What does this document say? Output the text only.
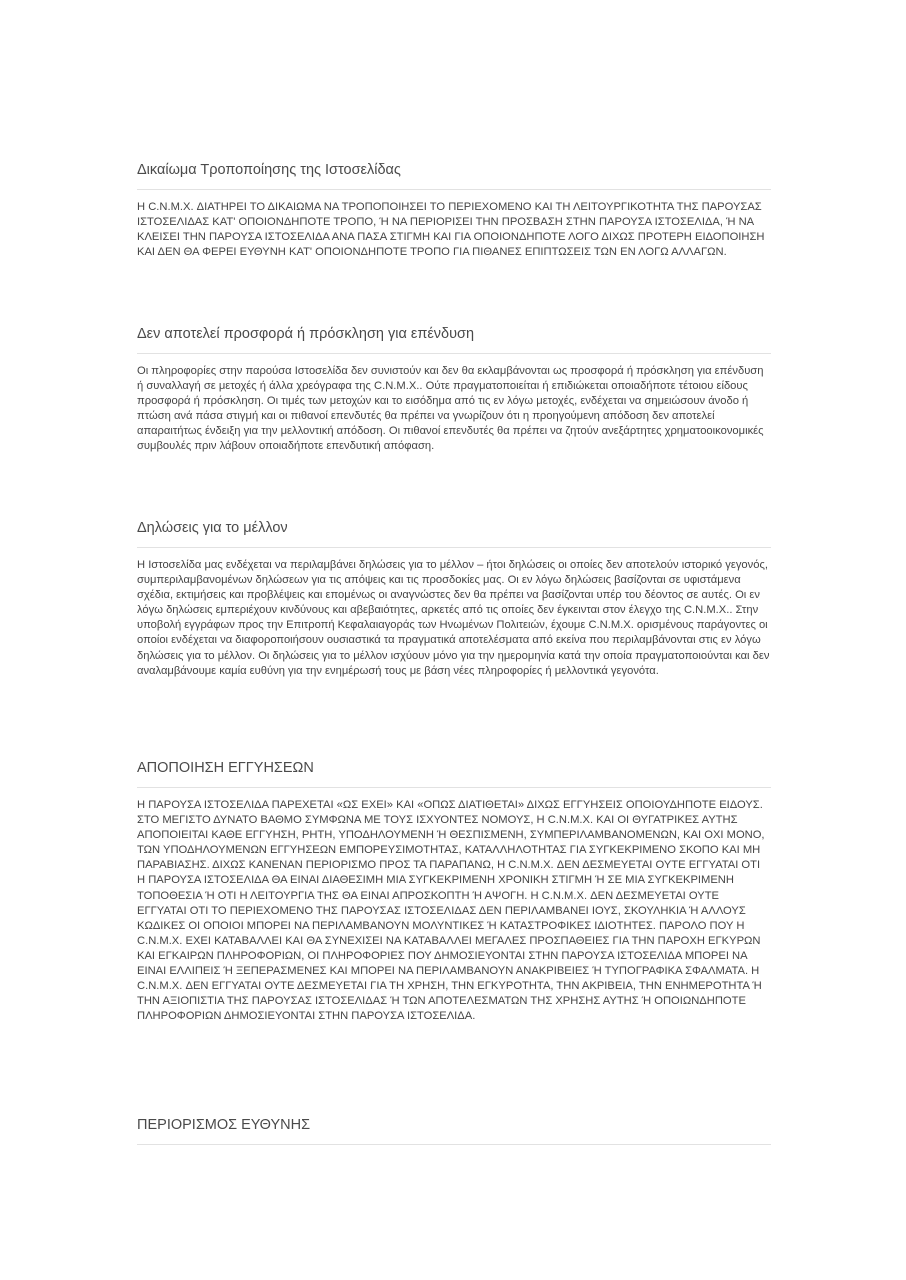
Δικαίωμα Τροποποίησης της Ιστοσελίδας

Η C.N.M.X. ΔΙΑΤΗΡΕΙ ΤΟ ΔΙΚΑΙΩΜΑ ΝΑ ΤΡΟΠΟΠΟΙΗΣΕΙ ΤΟ ΠΕΡΙΕΧΟΜΕΝΟ ΚΑΙ ΤΗ ΛΕΙΤΟΥΡΓΙΚΟΤΗΤΑ ΤΗΣ ΠΑΡΟΥΣΑΣ ΙΣΤΟΣΕΛΙΔΑΣ ΚΑΤ' ΟΠΟΙΟΝΔΗΠΟΤΕ ΤΡΟΠΟ, Ή ΝΑ ΠΕΡΙΟΡΙΣΕΙ ΤΗΝ ΠΡΟΣΒΑΣΗ ΣΤΗΝ ΠΑΡΟΥΣΑ ΙΣΤΟΣΕΛΙΔΑ, Ή ΝΑ ΚΛΕΙΣΕΙ ΤΗΝ ΠΑΡΟΥΣΑ ΙΣΤΟΣΕΛΙΔΑ ΑΝΑ ΠΑΣΑ ΣΤΙΓΜΗ ΚΑΙ ΓΙΑ ΟΠΟΙΟΝΔΗΠΟΤΕ ΛΟΓΟ ΔΙΧΩΣ ΠΡΟΤΕΡΗ ΕΙΔΟΠΟΙΗΣΗ ΚΑΙ ΔΕΝ ΘΑ ΦΕΡΕΙ ΕΥΘΥΝΗ ΚΑΤ' ΟΠΟΙΟΝΔΗΠΟΤΕ ΤΡΟΠΟ ΓΙΑ ΠΙΘΑΝΕΣ ΕΠΙΠΤΩΣΕΙΣ ΤΩΝ ΕΝ ΛΟΓΩ ΑΛΛΑΓΩΝ.

Δεν αποτελεί προσφορά ή πρόσκληση για επένδυση

Οι πληροφορίες στην παρούσα Ιστοσελίδα δεν συνιστούν και δεν θα εκλαμβάνονται ως προσφορά ή πρόσκληση για επένδυση ή συναλλαγή σε μετοχές ή άλλα χρεόγραφα της C.N.M.X.. Ούτε πραγματοποιείται ή επιδιώκεται οποιαδήποτε τέτοιου είδους προσφορά ή πρόσκληση. Οι τιμές των μετοχών και το εισόδημα από τις εν λόγω μετοχές, ενδέχεται να σημειώσουν άνοδο ή πτώση ανά πάσα στιγμή και οι πιθανοί επενδυτές θα πρέπει να γνωρίζουν ότι η προηγούμενη απόδοση δεν αποτελεί απαραιτήτως ένδειξη για την μελλοντική απόδοση. Οι πιθανοί επενδυτές θα πρέπει να ζητούν ανεξάρτητες χρηματοοικονομικές συμβουλές πριν λάβουν οποιαδήποτε επενδυτική απόφαση.

Δηλώσεις για το μέλλον

Η Ιστοσελίδα μας ενδέχεται να περιλαμβάνει δηλώσεις για το μέλλον – ήτοι δηλώσεις οι οποίες δεν αποτελούν ιστορικό γεγονός, συμπεριλαμβανομένων δηλώσεων για τις απόψεις και τις προσδοκίες μας. Οι εν λόγω δηλώσεις βασίζονται σε υφιστάμενα σχέδια, εκτιμήσεις και προβλέψεις και επομένως οι αναγνώστες δεν θα πρέπει να βασίζονται υπέρ του δέοντος σε αυτές. Οι εν λόγω δηλώσεις εμπεριέχουν κινδύνους και αβεβαιότητες, αρκετές από τις οποίες δεν έγκεινται στον έλεγχο της C.N.M.X.. Στην υποβολή εγγράφων προς την Επιτροπή Κεφαλαιαγοράς των Ηνωμένων Πολιτειών, έχουμε C.N.M.X. ορισμένους παράγοντες οι οποίοι ενδέχεται να διαφοροποιήσουν ουσιαστικά τα πραγματικά αποτελέσματα από εκείνα που περιλαμβάνονται στις εν λόγω δηλώσεις για το μέλλον. Οι δηλώσεις για το μέλλον ισχύουν μόνο για την ημερομηνία κατά την οποία πραγματοποιούνται και δεν αναλαμβάνουμε καμία ευθύνη για την ενημέρωσή τους με βάση νέες πληροφορίες ή μελλοντικά γεγονότα.

ΑΠΟΠΟΙΗΣΗ ΕΓΓΥΗΣΕΩΝ

Η ΠΑΡΟΥΣΑ ΙΣΤΟΣΕΛΙΔΑ ΠΑΡΕΧΕΤΑΙ «ΩΣ ΕΧΕΙ» ΚΑΙ «ΟΠΩΣ ΔΙΑΤΙΘΕΤΑΙ» ΔΙΧΩΣ ΕΓΓΥΗΣΕΙΣ ΟΠΟΙΟΥΔΗΠΟΤΕ ΕΙΔΟΥΣ. ΣΤΟ ΜΕΓΙΣΤΟ ΔΥΝΑΤΟ ΒΑΘΜΟ ΣΥΜΦΩΝΑ ΜΕ ΤΟΥΣ ΙΣΧΥΟΝΤΕΣ ΝΟΜΟΥΣ, Η C.N.M.X. ΚΑΙ ΟΙ ΘΥΓΑΤΡΙΚΕΣ ΑΥΤΗΣ ΑΠΟΠΟΙΕΙΤΑΙ ΚΑΘΕ ΕΓΓΥΗΣΗ, ΡΗΤΗ, ΥΠΟΔΗΛΟΥΜΕΝΗ Ή ΘΕΣΠΙΣΜΕΝΗ, ΣΥΜΠΕΡΙΛΑΜΒΑΝΟΜΕΝΩΝ, ΚΑΙ ΟΧΙ ΜΟΝΟ, ΤΩΝ ΥΠΟΔΗΛΟΥΜΕΝΩΝ ΕΓΓΥΗΣΕΩΝ ΕΜΠΟΡΕΥΣΙΜΟΤΗΤΑΣ, ΚΑΤΑΛΛΗΛΟΤΗΤΑΣ ΓΙΑ ΣΥΓΚΕΚΡΙΜΕΝΟ ΣΚΟΠΟ ΚΑΙ ΜΗ ΠΑΡΑΒΙΑΣΗΣ. ΔΙΧΩΣ ΚΑΝΕΝΑΝ ΠΕΡΙΟΡΙΣΜΟ ΠΡΟΣ ΤΑ ΠΑΡΑΠΑΝΩ, Η C.N.M.X. ΔΕΝ ΔΕΣΜΕΥΕΤΑΙ ΟΥΤΕ ΕΓΓΥΑΤΑΙ ΟΤΙ Η ΠΑΡΟΥΣΑ ΙΣΤΟΣΕΛΙΔΑ ΘΑ ΕΙΝΑΙ ΔΙΑΘΕΣΙΜΗ ΜΙΑ ΣΥΓΚΕΚΡΙΜΕΝΗ ΧΡΟΝΙΚΗ ΣΤΙΓΜΗ Ή ΣΕ ΜΙΑ ΣΥΓΚΕΚΡΙΜΕΝΗ ΤΟΠΟΘΕΣΙΑ Ή ΟΤΙ Η ΛΕΙΤΟΥΡΓΙΑ ΤΗΣ ΘΑ ΕΙΝΑΙ ΑΠΡΟΣΚΟΠΤΗ Ή ΑΨΟΓΗ. Η C.N.M.X. ΔΕΝ ΔΕΣΜΕΥΕΤΑΙ ΟΥΤΕ ΕΓΓΥΑΤΑΙ ΟΤΙ ΤΟ ΠΕΡΙΕΧΟΜΕΝΟ ΤΗΣ ΠΑΡΟΥΣΑΣ ΙΣΤΟΣΕΛΙΔΑΣ ΔΕΝ ΠΕΡΙΛΑΜΒΑΝΕΙ ΙΟΥΣ, ΣΚΟΥΛΗΚΙΑ Ή ΑΛΛΟΥΣ ΚΩΔΙΚΕΣ ΟΙ ΟΠΟΙΟΙ ΜΠΟΡΕΙ ΝΑ ΠΕΡΙΛΑΜΒΑΝΟΥΝ ΜΟΛΥΝΤΙΚΕΣ Ή ΚΑΤΑΣΤΡΟΦΙΚΕΣ ΙΔΙΟΤΗΤΕΣ. ΠΑΡΟΛΟ ΠΟΥ Η C.N.M.X. ΕΧΕΙ ΚΑΤΑΒΑΛΛΕΙ ΚΑΙ ΘΑ ΣΥΝΕΧΙΣΕΙ ΝΑ ΚΑΤΑΒΑΛΛΕΙ ΜΕΓΑΛΕΣ ΠΡΟΣΠΑΘΕΙΕΣ ΓΙΑ ΤΗΝ ΠΑΡΟΧΗ ΕΓΚΥΡΩΝ ΚΑΙ ΕΓΚΑΙΡΩΝ ΠΛΗΡΟΦΟΡΙΩΝ, ΟΙ ΠΛΗΡΟΦΟΡΙΕΣ ΠΟΥ ΔΗΜΟΣΙΕΥΟΝΤΑΙ ΣΤΗΝ ΠΑΡΟΥΣΑ ΙΣΤΟΣΕΛΙΔΑ ΜΠΟΡΕΙ ΝΑ ΕΙΝΑΙ ΕΛΛΙΠΕΙΣ Ή ΞΕΠΕΡΑΣΜΕΝΕΣ ΚΑΙ ΜΠΟΡΕΙ ΝΑ ΠΕΡΙΛΑΜΒΑΝΟΥΝ ΑΝΑΚΡΙΒΕΙΕΣ Ή ΤΥΠΟΓΡΑΦΙΚΑ ΣΦΑΛΜΑΤΑ. Η C.N.M.X. ΔΕΝ ΕΓΓΥΑΤΑΙ ΟΥΤΕ ΔΕΣΜΕΥΕΤΑΙ ΓΙΑ ΤΗ ΧΡΗΣΗ, ΤΗΝ ΕΓΚΥΡΟΤΗΤΑ, ΤΗΝ ΑΚΡΙΒΕΙΑ, ΤΗΝ ΕΝΗΜΕΡΟΤΗΤΑ Ή ΤΗΝ ΑΞΙΟΠΙΣΤΙΑ ΤΗΣ ΠΑΡΟΥΣΑΣ ΙΣΤΟΣΕΛΙΔΑΣ Ή ΤΩΝ ΑΠΟΤΕΛΕΣΜΑΤΩΝ ΤΗΣ ΧΡΗΣΗΣ ΑΥΤΗΣ Ή ΟΠΟΙΩΝΔΗΠΟΤΕ ΠΛΗΡΟΦΟΡΙΩΝ ΔΗΜΟΣΙΕΥΟΝΤΑΙ ΣΤΗΝ ΠΑΡΟΥΣΑ ΙΣΤΟΣΕΛΙΔΑ.

ΠΕΡΙΟΡΙΣΜΟΣ ΕΥΘΥΝΗΣ
